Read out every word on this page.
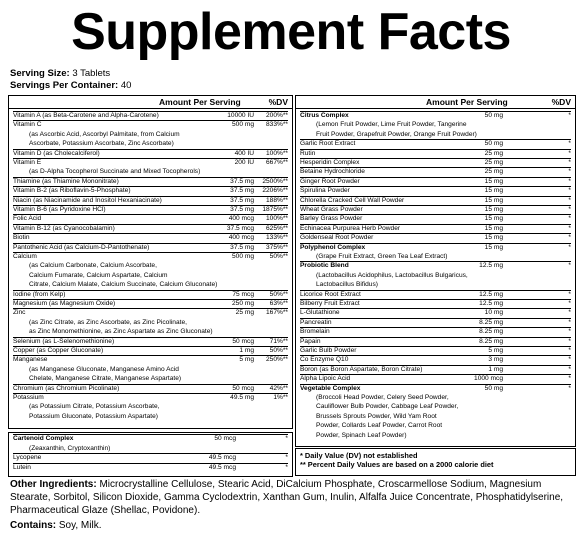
Supplement Facts
Serving Size: 3 Tablets
Servings Per Container: 40
Amount Per Serving	%DV
Vitamin A (as Beta-Carotene and Alpha-Carotene)	10000 IU 200%**
Vitamin C	500 mg 833%**
(as Ascorbic Acid, Ascorbyl Palmitate, from Calcium
Ascorbate, Potassium Ascorbate, Zinc Ascorbate)
Vitamin D (as Cholecalciferol)	400 IU 100%**
Vitamin E	200 IU 667%**
(as D-Alpha Tocopherol Succinate and Mixed Tocopherols)
Thiamine (as Thiamine Mononitrate)	37.5 mg 2500%**
Vitamin B-2 (as Riboflavin-5-Phosphate)	37.5 mg 2206%**
Niacin (as Niacinamide and Inositol Hexaniacinate)	37.5 mg 188%**
Vitamin B-6 (as Pyridoxine HCl)	37.5 mg 1875%**
Folic Acid	400 mcg 100%**
Vitamin B-12 (as Cyanocobalamin)	37.5 mcg 625%**
Biotin	400 mcg 133%**
Pantothenic Acid (as Calcium-D-Pantothenate)	37.5 mg 375%**
Calcium	500 mg 50%**
(as Calcium Carbonate, Calcium Ascorbate,
Calcium Fumarate, Calcium Aspartate, Calcium
Citrate, Calcium Malate, Calcium Succinate, Calcium Gluconate)
Iodine (from Kelp)	75 mcg 50%**
Magnesium (as Magnesium Oxide)	250 mg 63%**
Zinc	25 mg 167%**
(as Zinc Citrate, as Zinc Ascorbate, as Zinc Picolinate,
as Zinc Monomethionine, as Zinc Aspartate as Zinc Gluconate)
Selenium (as L-Selenomethionine)	50 mcg 71%**
Copper (as Copper Gluconate)	1 mg 50%**
Manganese	5 mg 250%**
(as Manganese Gluconate, Manganese Amino Acid
Chelate, Manganese Citrate, Manganese Aspartate)
Chromium (as Chromium Picolinate)	50 mcg 42%**
Potassium	49.5 mg	1%**
(as Potassium Citrate, Potassium Ascorbate,
Potassium Gluconate, Potassium Aspartate)
Cartenoid Complex	50 mcg	*
(Zeaxanthin, Cryptoxanthin)
Lycopene	49.5 mcg	*
Lutein	49.5 mcg	*
Amount Per Serving	%DV
Citrus Complex	50 mg	*
(Lemon Fruit Powder, Lime Fruit Powder, Tangerine
Fruit Powder, Grapefruit Powder, Orange Fruit Powder)
Garlic Root Extract	50 mg	*
Rutin	25 mg	*
Hesperidin Complex	25 mg	*
Betaine Hydrochloride	25 mg	*
Ginger Root Powder	15 mg	*
Spirulina Powder	15 mg	*
Chlorella Cracked Cell Wall Powder	15 mg	*
Wheat Grass Powder	15 mg	*
Barley Grass Powder	15 mg	*
Echinacea Purpurea Herb Powder	15 mg	*
Goldenseal Root Powder	15 mg	*
Polyphenol Complex	15 mg	*
(Grape Fruit Extract, Green Tea Leaf Extract)
Probiotic Blend	12.5 mg	*
(Lactobacillus Acidophilus, Lactobacillus Bulgaricus,
Lactobacillus Bifidus)
Licorice Root Extract	12.5 mg	*
Bilberry Fruit Extract	12.5 mg	*
L-Glutathione	10 mg	*
Pancreatin	8.25 mg	*
Bromelain	8.25 mg	*
Papain	8.25 mg	*
Garlic Bulb Powder	5 mg	*
Co Enzyme Q10	3 mg	*
Boron (as Boron Aspartate, Boron Citrate)	1 mg	*
Alpha Lipoic Acid	1000 mcg	*
Vegetable Complex	50 mg	*
(Broccoli Head Powder, Celery Seed Powder,
Cauliflower Bulb Powder, Cabbage Leaf Powder,
Brussels Sprouts Powder, Wild Yam Root
Powder, Collards Leaf Powder, Carrot Root
Powder, Spinach Leaf Powder)
* Daily Value (DV) not established
** Percent Daily Values are based on a 2000 calorie diet
Other Ingredients: Microcrystalline Cellulose, Stearic Acid, DiCalcium Phosphate, Croscarmellose Sodium, Magnesium Stearate, Sorbitol, Silicon Dioxide, Gamma Cyclodextrin, Xanthan Gum, Inulin, Alfalfa Juice Concentrate, Phosphatidylserine, Pharmaceutical Glaze (Shellac, Povidone).
Contains: Soy, Milk.
